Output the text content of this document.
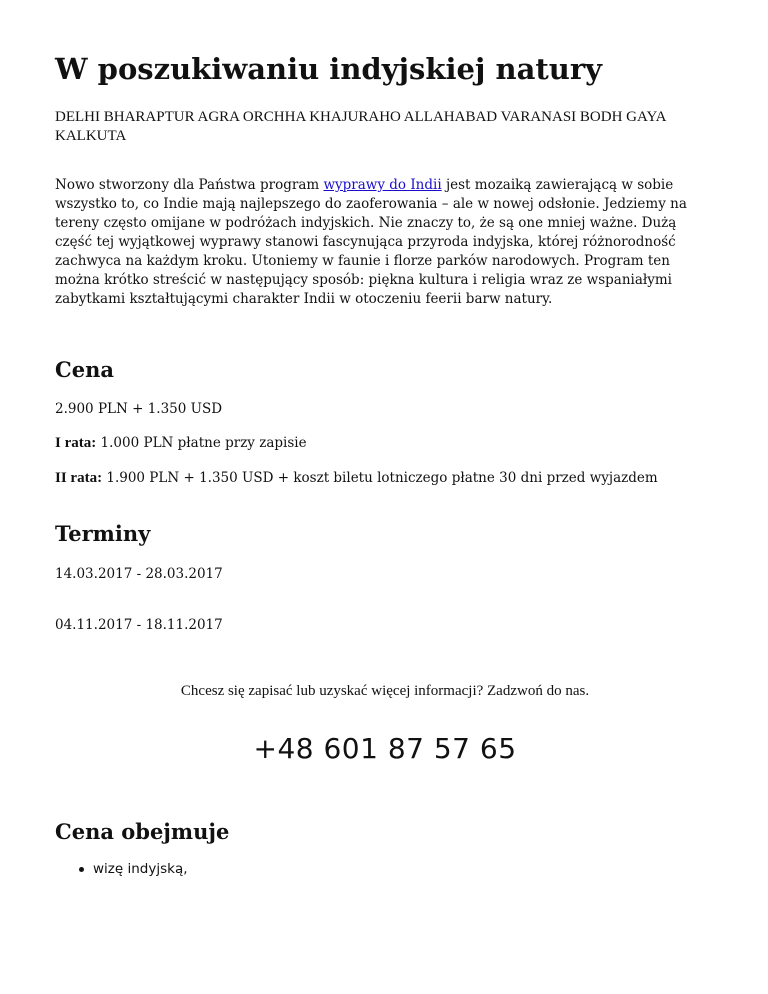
W poszukiwaniu indyjskiej natury
DELHI BHARAPTUR AGRA ORCHHA KHAJURAHO ALLAHABAD VARANASI BODH GAYA KALKUTA

Nowo stworzony dla Państwa program wyprawy do Indii jest mozaiką zawierającą w sobie wszystko to, co Indie mają najlepszego do zaoferowania – ale w nowej odsłonie. Jedziemy na tereny często omijane w podróżach indyjskich. Nie znaczy to, że są one mniej ważne. Dużą część tej wyjątkowej wyprawy stanowi fascynująca przyroda indyjska, której różnorodność zachwyca na każdym kroku. Utoniemy w faunie i florze parków narodowych. Program ten można krótko streścić w następujący sposób: piękna kultura i religia wraz ze wspaniałymi zabytkami kształtującymi charakter Indii w otoczeniu feerii barw natury.

Cena
2.900 PLN + 1.350 USD
I rata: 1.000 PLN płatne przy zapisie
II rata: 1.900 PLN + 1.350 USD + koszt biletu lotniczego płatne 30 dni przed wyjazdem
Terminy
14.03.2017 - 28.03.2017
04.11.2017 - 18.11.2017
Chcesz się zapisać lub uzyskać więcej informacji? Zadzwoń do nas.
+48 601 87 57 65
Cena obejmuje
wizę indyjską,
